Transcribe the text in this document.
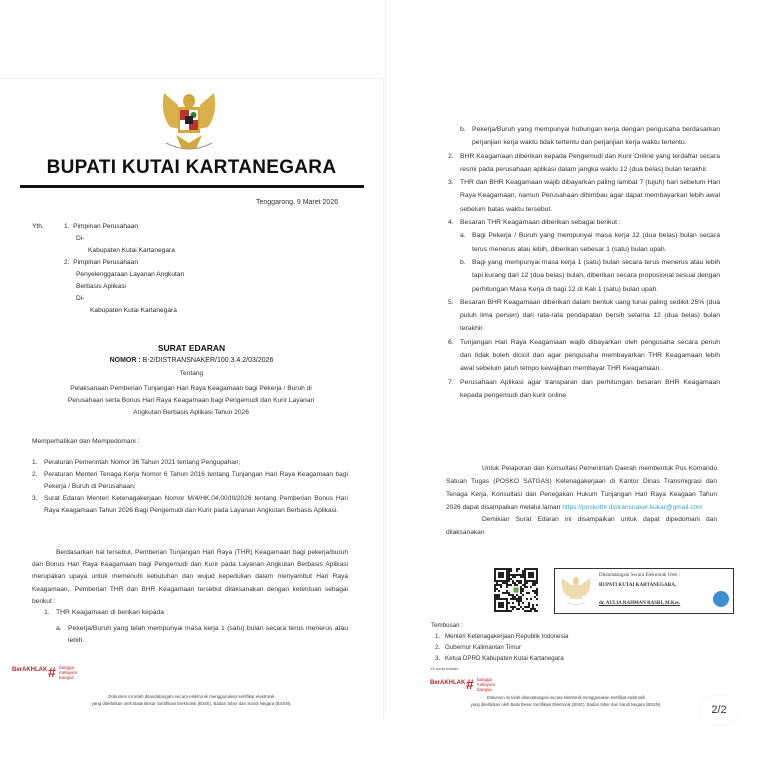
BUPATI KUTAI KARTANEGARA
Tenggarong, 9 Maret 2026
Yth.	1. Pimpinan Perusahaan
Di-
Kabupaten Kutai Kartanegara
2. Pimpinan Perusahaan
Penyelenggaraan Layanan Angkutan
Berbasis Aplikasi
Di-
Kabupaten Kutai Kartanegara
SURAT EDARAN
NOMOR : B-2/DISTRANSNAKER/100.3.4.2/03/2026
Tentang
Pelaksanaan Pemberian Tunjangan Hari Raya Keagamaan bagi Pekerja / Buruh di Perusahaan serta Bonus Hari Raya Keagamaan bagi Pengemudi dan Kurir Layanan Angkutan Berbasis Aplikasi Tahun 2026
Memperhatikan dan Mempedomani :
1. Peraturan Pemerintah Nomor 36 Tahun 2021 tentang Pengupahan;
2. Peraturan Menteri Tenaga Kerja Nomor 6 Tahun 2016 tentang Tunjangan Hari Raya Keagamaan bagi Pekerja / Buruh di Perusahaan;
3. Surat Edaran Menteri Ketenagakerjaan Nomor M/4/HK.04.00/III/2026 tentang Pemberian Bonus Hari Raya Keagamaan Tahun 2026 Bagi Pengemudi dan Kurir pada Layanan Angkutan Berbasis Aplikasi.
Berdasarkan hal tersebut, Pemberian Tunjangan Hari Raya (THR) Keagamaan bagi pekerja/buruh dan Bonus Hari Raya Keagamaan bagi Pengemudi dan Kurir pada Layanan Angkutan Berbasis Aplikasi merupakan upaya untuk memenuhi kebutuhan dan wujud kepedulian dalam menyambut Hari Raya Keagamaan,. Pemberian THR dan BHR Keagamaan tersebut dilaksanakan dengan ketentuan sebagai berikut :
1. THR Keagamaan di berikan kepada :
a. Pekerja/Buruh yang telah mempunyai masa kerja 1 (satu) bulan secara terus menerus atau lebih.
BerAKHLAK # bangga
melayani
bangsa
Dokumen ini telah ditandatangani secara elektronik menggunakan sertifikat elektronik
yang diterbitkan oleh Balai Besar Sertifikasi Elektronik (BSrE), Badan Siber dan Sandi Negara (BSSN).
b. Pekerja/Buruh yang mempunyai hubungan kerja dengan pengusaha berdasarkan perjanjian kerja waktu tidak tertentu dan perjanjian kerja waktu tertentu.
2. BHR Keagamaan diberikan kepada Pengemudi dan Kurir Online yang terdaftar secara resmi pada perusahaan aplikasi dalam jangka waktu 12 (dua belas) bulan terakhir.
3. THR dan BHR Keagamaan wajib dibayarkan paling lambat 7 (tujuh) hari sebelum Hari Raya Keagamaan, namun Perusahaan dihimbau agar dapat membayarkan lebih awal sebelum batas waktu tersebut.
4. Besaran THR Keagamaan diberikan sebagai berikut :
a. Bagi Pekerja / Buruh yang mempunyai masa kerja 12 (dua belas) bulan secara terus menerus atau lebih, diberikan sebesar 1 (satu) bulan upah.
b. Bagi yang mempunyai masa kerja 1 (satu) bulan secara terus menerus atau lebih tapi kurang dari 12 (dua belas) bulan, diberikan secara proposional sesuai dengan perhitungan Masa Kerja di bagi 12 di Kali 1 (satu) bulan upah.
5. Besaran BHR Keagamaan diberikan dalam bentuk uang tunai paling sedikit 25% (dua puluh lima persen) dari rata-rata pendapatan bersih selama 12 (dua belas) bulan terakhir.
6. Tunjangan Hari Raya Keagamaan wajib dibayarkan oleh pengusaha secara penuh dan tidak boleh dicicil dan agar pengusaha membayarkan THR Keagamaan lebih awal sebelum jatuh tempo kewajiban membayar THR Keagamaan.
7. Perusahaan Aplikasi agar transparan dan perhitungan besaran BHR Keagamaan kepada pengemudi dan kurir online
Untuk Pelaporan dan Konsultasi Pemerintah Daerah membentuk Pos Komando Satuan Tugas (POSKO SATGAS) Ketenagakerjaan di Kantor Dinas Transmigrasi dan Tenaga Kerja, Konsultasi dan Penegakan Hukum Tunjangan Hari Raya Keagaan Tahun 2026 dapat disampaikan melalui laman https://poskothr.distransnaker.kukar@gmail.com
Demikian Surat Edaran ini disampaikan untuk dapat dipedomani dan dilaksanakan
Ditandatangani Secara Elektronik Oleh :
BUPATI KUTAI KARTANEGARA,
dr. AULIA RAHMAN BASRI, M.Kes.
Tembusan :
1. Menteri Ketenagakerjaan Republik Indonesia
2. Gubernur Kalimantan Timur
3. Ketua DPRD Kabupaten Kutai Kartanegara
Yk-surat edaran
BerAKHLAK # bangga
melayani
bangsa
Dokumen ini telah ditandatangani secara elektronik menggunakan sertifikat elektronik
yang diterbitkan oleh Balai Besar Sertifikasi Elektronik (BSrE), Badan Siber dan Sandi Negara (BSSN).	2/2
